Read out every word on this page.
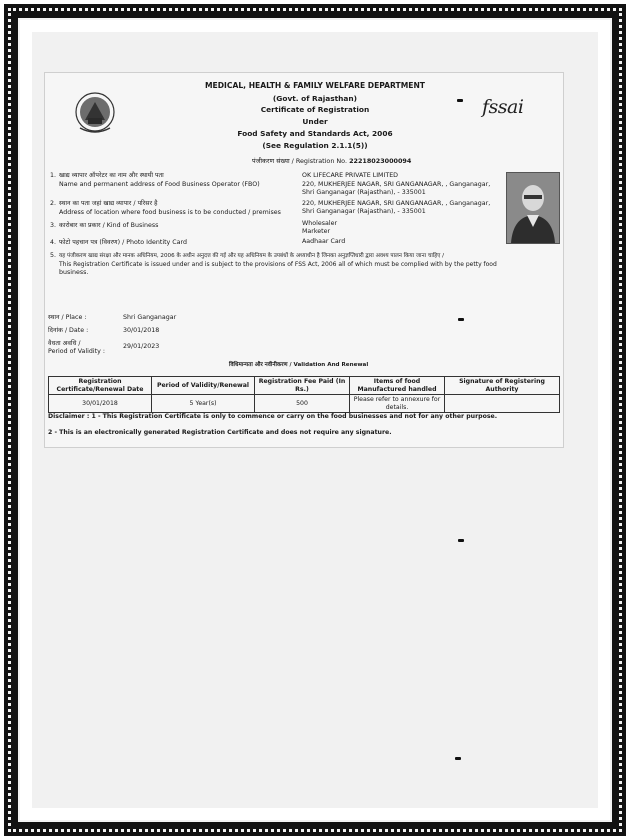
fssai
MEDICAL, HEALTH & FAMILY WELFARE DEPARTMENT
(Govt. of Rajasthan)
Certificate of Registration
Under
Food Safety and Standards Act, 2006
(See Regulation 2.1.1(5))
पंजीकरण संख्या / Registration No. 22218023000094
1. खाद्य व्यापार ऑपरेटर का नाम और स्थायी पता
Name and permanent address of Food Business Operator (FBO)
OK LIFECARE PRIVATE LIMITED
220, MUKHERJEE NAGAR, SRI GANGANAGAR, , Ganganagar,
Shri Ganganagar (Rajasthan), - 335001
2. स्थान का पता जहां खाद्य व्यापार / परिसर है
Address of location where food business is to be conducted / premises
220, MUKHERJEE NAGAR, SRI GANGANAGAR, , Ganganagar,
Shri Ganganagar (Rajasthan), - 335001
3. कारोबार का प्रकार / Kind of Business	Wholesaler
Marketer
4. फोटो पहचान पत्र (विवरण) / Photo Identity Card	Aadhaar Card
5. यह पंजीकरण खाद्य संरक्षा और मानक अधिनियम, 2006 के अधीन अनुदत्त की गई और यह अधिनियम के उपबंधों के अध्याधीन है जिनका अनुज्ञप्तिधारी द्वारा अवश्य पालन किया जाना चाहिए /
This Registration Certificate is issued under and is subject to the provisions of FSS Act, 2006 all of which must be complied with by the petty food
business.
स्थान / Place :	Shri Ganganagar
दिनांक / Date :	30/01/2018
वैधता अवधि /
Period of Validity :
29/01/2023
विधिमान्यता और नवीनीकरण / Validation And Renewal
Registration Certificate/Renewal Date	Period of Validity/Renewal	Registration Fee Paid (In Rs.)	Items of food Manufactured handled	Signature of Registering Authority
30/01/2018	5 Year(s)	500	Please refer to annexure for details.	
Disclaimer : 1 - This Registration Certificate is only to commence or carry on the food businesses and not for any other purpose.
2 - This is an electronically generated Registration Certificate and does not require any signature.
